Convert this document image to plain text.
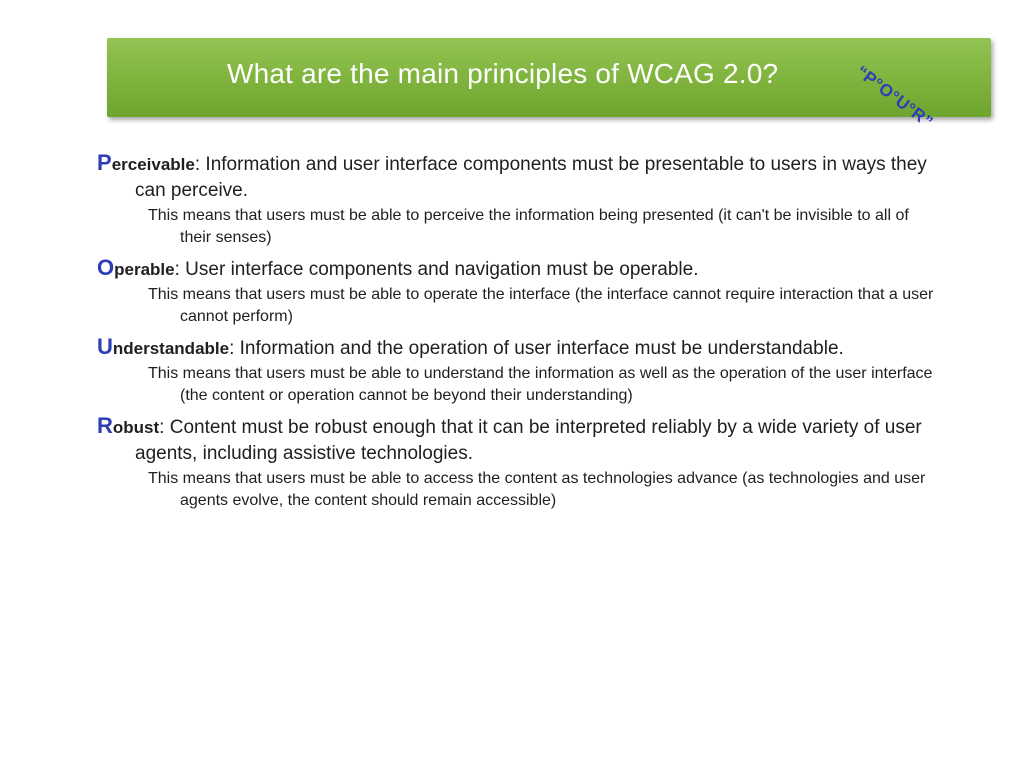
What are the main principles of WCAG 2.0?	“P°O°U°R”
Perceivable: Information and user interface components must be presentable to users in ways they can perceive.
This means that users must be able to perceive the information being presented (it can't be invisible to all of their senses)
Operable: User interface components and navigation must be operable.
This means that users must be able to operate the interface (the interface cannot require interaction that a user cannot perform)
Understandable: Information and the operation of user interface must be understandable.
This means that users must be able to understand the information as well as the operation of the user interface (the content or operation cannot be beyond their understanding)
Robust: Content must be robust enough that it can be interpreted reliably by a wide variety of user agents, including assistive technologies.
This means that users must be able to access the content as technologies advance (as technologies and user agents evolve, the content should remain accessible)
